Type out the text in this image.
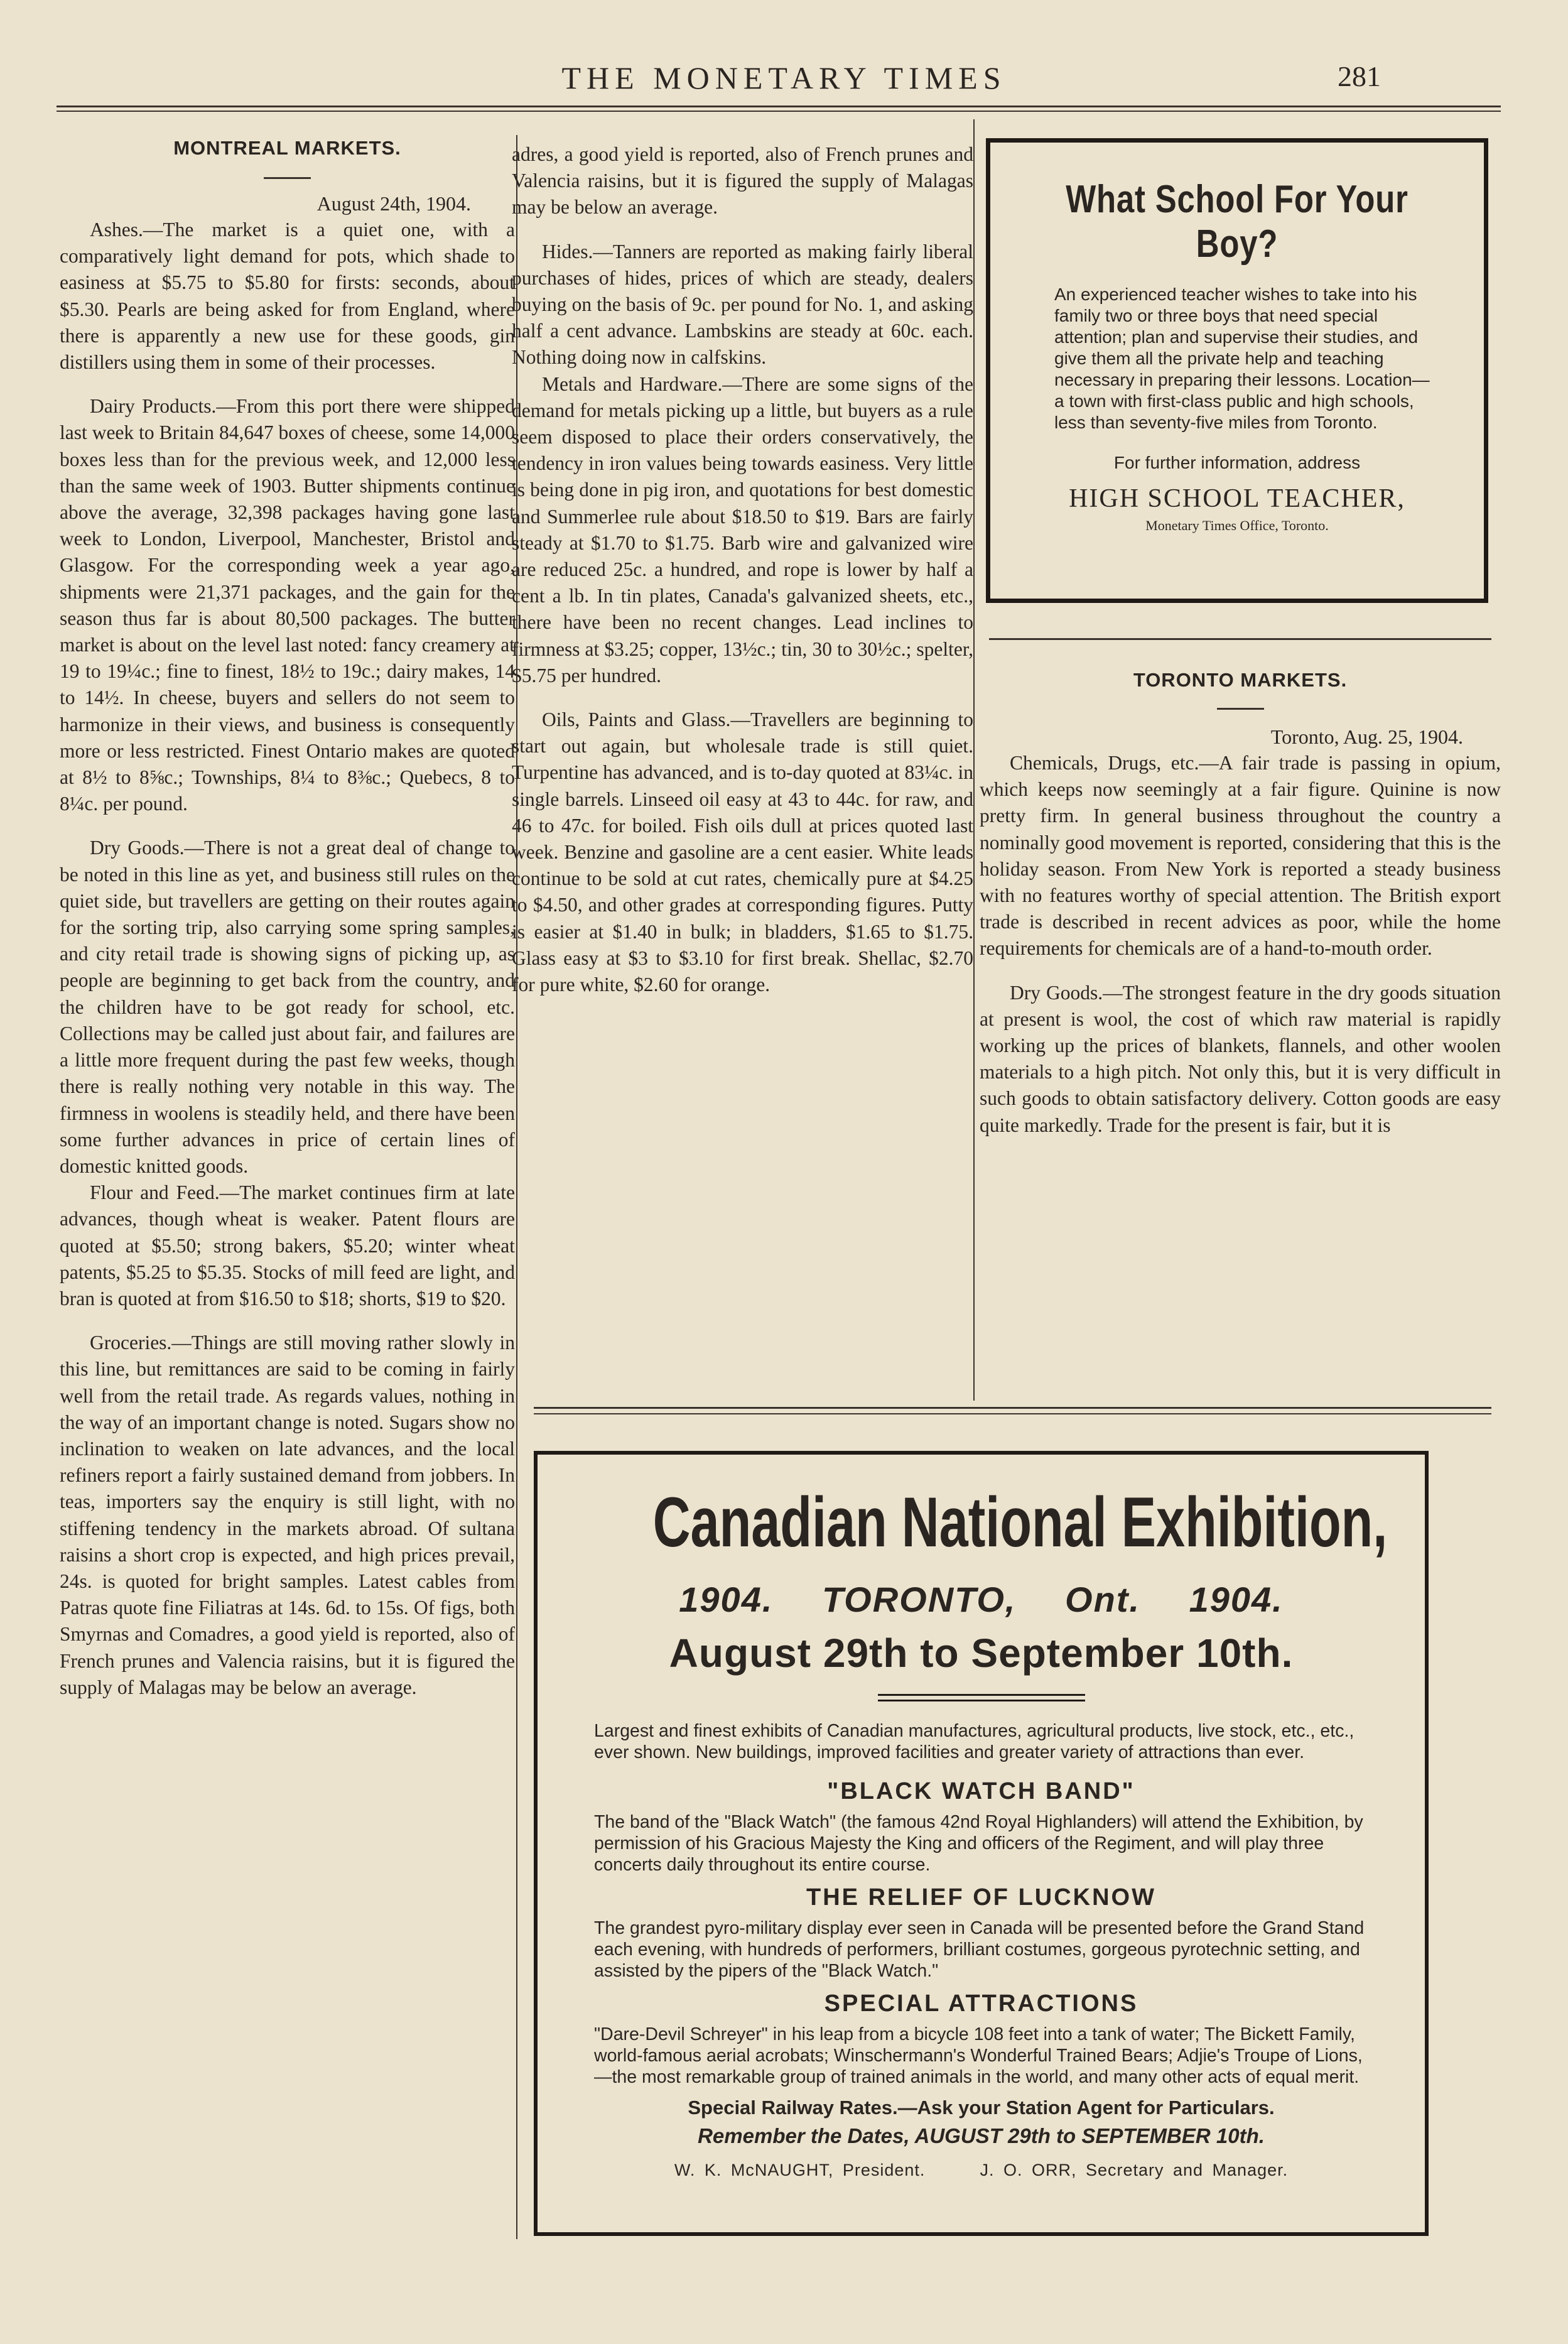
THE MONETARY TIMES	281
MONTREAL MARKETS.
August 24th, 1904.

Ashes.—The market is a quiet one, with a comparatively light demand for pots, which shade to easiness at $5.75 to $5.80 for firsts: seconds, about $5.30. Pearls are being asked for from England, where there is apparently a new use for these goods, gin distillers using them in some of their processes.

Dairy Products.—From this port there were shipped last week to Britain 84,647 boxes of cheese, some 14,000 boxes less than for the previous week, and 12,000 less than the same week of 1903. Butter shipments continue above the average, 32,398 packages having gone last week to London, Liverpool, Manchester, Bristol and Glasgow. For the corresponding week a year ago, shipments were 21,371 packages, and the gain for the season thus far is about 80,500 packages. The butter market is about on the level last noted: fancy creamery at 19 to 19¼c.; fine to finest, 18½ to 19c.; dairy makes, 14 to 14½. In cheese, buyers and sellers do not seem to harmonize in their views, and business is consequently more or less restricted. Finest Ontario makes are quoted at 8½ to 8⅝c.; Townships, 8¼ to 8⅜c.; Quebecs, 8 to 8¼c. per pound.

Dry Goods.—There is not a great deal of change to be noted in this line as yet, and business still rules on the quiet side, but travellers are getting on their routes again for the sorting trip, also carrying some spring samples, and city retail trade is showing signs of picking up, as people are beginning to get back from the country, and the children have to be got ready for school, etc. Collections may be called just about fair, and failures are a little more frequent during the past few weeks, though there is really nothing very notable in this way. The firmness in woolens is steadily held, and there have been some further advances in price of certain lines of domestic knitted goods.

Flour and Feed.—The market continues firm at late advances, though wheat is weaker. Patent flours are quoted at $5.50; strong bakers, $5.20; winter wheat patents, $5.25 to $5.35. Stocks of mill feed are light, and bran is quoted at from $16.50 to $18; shorts, $19 to $20.

Groceries.—Things are still moving rather slowly in this line, but remittances are said to be coming in fairly well from the retail trade. As regards values, nothing in the way of an important change is noted. Sugars show no inclination to weaken on late advances, and the local refiners report a fairly sustained demand from jobbers. In teas, importers say the enquiry is still light, with no stiffening tendency in the markets abroad. Of sultana raisins a short crop is expected, and high prices prevail, 24s. is quoted for bright samples. Latest cables from Patras quote fine Filiatras at 14s. 6d. to 15s. Of figs, both Smyrnas and Comadres, a good yield is reported, also of French prunes and Valencia raisins, but it is figured the supply of Malagas may be below an average.

adres, a good yield is reported, also of French prunes and Valencia raisins, but it is figured the supply of Malagas may be below an average.

Hides.—Tanners are reported as making fairly liberal purchases of hides, prices of which are steady, dealers buying on the basis of 9c. per pound for No. 1, and asking half a cent advance. Lambskins are steady at 60c. each. Nothing doing now in calfskins.

Metals and Hardware.—There are some signs of the demand for metals picking up a little, but buyers as a rule seem disposed to place their orders conservatively, the tendency in iron values being towards easiness. Very little is being done in pig iron, and quotations for best domestic and Summerlee rule about $18.50 to $19. Bars are fairly steady at $1.70 to $1.75. Barb wire and galvanized wire are reduced 25c. a hundred, and rope is lower by half a cent a lb. In tin plates, Canada's galvanized sheets, etc., there have been no recent changes. Lead inclines to firmness at $3.25; copper, 13½c.; tin, 30 to 30½c.; spelter, $5.75 per hundred.

Oils, Paints and Glass.—Travellers are beginning to start out again, but wholesale trade is still quiet. Turpentine has advanced, and is to-day quoted at 83¼c. in single barrels. Linseed oil easy at 43 to 44c. for raw, and 46 to 47c. for boiled. Fish oils dull at prices quoted last week. Benzine and gasoline are a cent easier. White leads continue to be sold at cut rates, chemically pure at $4.25 to $4.50, and other grades at corresponding figures. Putty is easier at $1.40 in bulk; in bladders, $1.65 to $1.75. Glass easy at $3 to $3.10 for first break. Shellac, $2.70 for pure white, $2.60 for orange.

What School For Your Boy?
An experienced teacher wishes to take into his family two or three boys that need special attention; plan and supervise their studies, and give them all the private help and teaching necessary in preparing their lessons. Location—a town with first-class public and high schools, less than seventy-five miles from Toronto.
For further information, address
HIGH SCHOOL TEACHER,
Monetary Times Office, Toronto.
TORONTO MARKETS.
Toronto, Aug. 25, 1904.

Chemicals, Drugs, etc.—A fair trade is passing in opium, which keeps now seemingly at a fair figure. Quinine is now pretty firm. In general business throughout the country a nominally good movement is reported, considering that this is the holiday season. From New York is reported a steady business with no features worthy of special attention. The British export trade is described in recent advices as poor, while the home requirements for chemicals are of a hand-to-mouth order.

Dry Goods.—The strongest feature in the dry goods situation at present is wool, the cost of which raw material is rapidly working up the prices of blankets, flannels, and other woolen materials to a high pitch. Not only this, but it is very difficult in such goods to obtain satisfactory delivery. Cotton goods are easy quite markedly. Trade for the present is fair, but it is

Canadian National Exhibition,
1904. TORONTO, Ont. 1904.
August 29th to September 10th.
Largest and finest exhibits of Canadian manufactures, agricultural products, live stock, etc., etc., ever shown. New buildings, improved facilities and greater variety of attractions than ever.
"BLACK WATCH BAND"
The band of the "Black Watch" (the famous 42nd Royal Highlanders) will attend the Exhibition, by permission of his Gracious Majesty the King and officers of the Regiment, and will play three concerts daily throughout its entire course.
THE RELIEF OF LUCKNOW
The grandest pyro-military display ever seen in Canada will be presented before the Grand Stand each evening, with hundreds of performers, brilliant costumes, gorgeous pyrotechnic setting, and assisted by the pipers of the "Black Watch."
SPECIAL ATTRACTIONS
"Dare-Devil Schreyer" in his leap from a bicycle 108 feet into a tank of water; The Bickett Family, world-famous aerial acrobats; Winschermann's Wonderful Trained Bears; Adjie's Troupe of Lions,—the most remarkable group of trained animals in the world, and many other acts of equal merit.
Special Railway Rates.—Ask your Station Agent for Particulars.
Remember the Dates, AUGUST 29th to SEPTEMBER 10th.
W. K. McNAUGHT, President.	J. O. ORR, Secretary and Manager.
